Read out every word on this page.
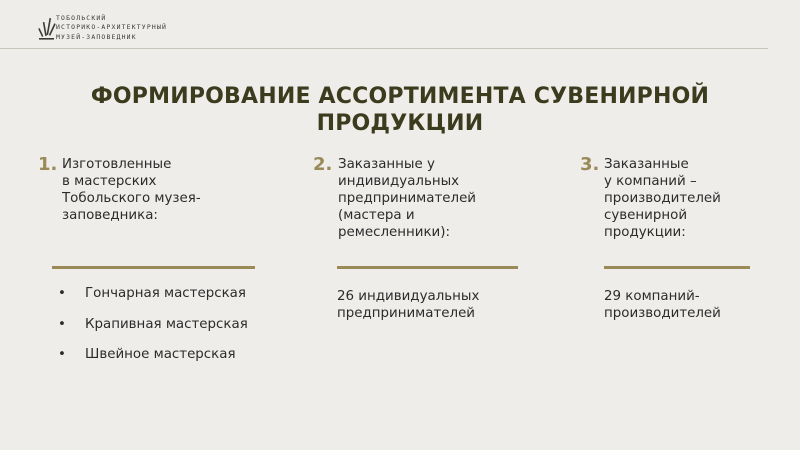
ТОБОЛЬСКИЙ
ИСТОРИКО-АРХИТЕКТУРНЫЙ
МУЗЕЙ-ЗАПОВЕДНИК
ФОРМИРОВАНИЕ АССОРТИМЕНТА СУВЕНИРНОЙ
ПРОДУКЦИИ
1. Изготовленные
в мастерских
Тобольского музея-
заповедника:
• Гончарная мастерская
• Крапивная мастерская
• Швейное мастерская
2. Заказанные у
индивидуальных
предпринимателей
(мастера и
ремесленники):
26 индивидуальных
предпринимателей
3. Заказанные
у компаний –
производителей
сувенирной
продукции:
29 компаний-
производителей
